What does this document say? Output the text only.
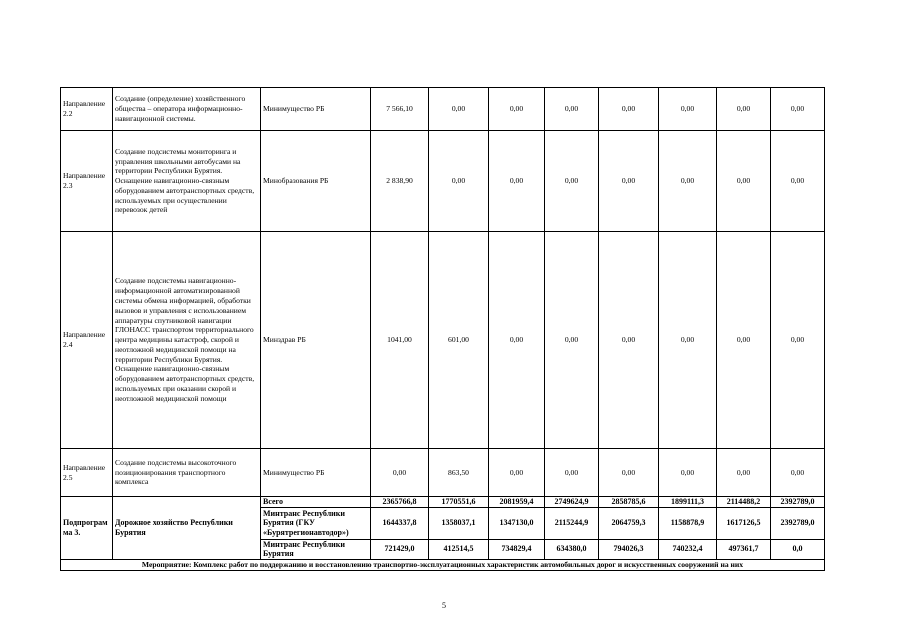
Направление 2.2	Создание (определение) хозяйственного общества – оператора информационно-навигационной системы.	Минимущество РБ	7 566,10	0,00	0,00	0,00	0,00	0,00	0,00	0,00
Направление 2.3	Создание подсистемы мониторинга и управления школьными автобусами на территории Республики Бурятия. Оснащение навигационно-связным оборудованием автотранспортных средств, используемых при осуществлении перевозок детей	Минобразования РБ	2 838,90	0,00	0,00	0,00	0,00	0,00	0,00	0,00
Направление 2.4	Создание подсистемы навигационно-информационной автоматизированной системы обмена информацией, обработки вызовов и управления с использованием аппаратуры спутниковой навигации ГЛОНАСС транспортом территориального центра медицины катастроф, скорой и неотложной медицинской помощи на территории Республики Бурятия. Оснащение навигационно-связным оборудованием автотранспортных средств, используемых при оказании скорой и неотложной медицинской помощи	Минздрав РБ	1041,00	601,00	0,00	0,00	0,00	0,00	0,00	0,00
Направление 2.5	Создание подсистемы высокоточного позиционирования транспортного комплекса	Минимущество РБ	0,00	863,50	0,00	0,00	0,00	0,00	0,00	0,00
Подпрограмма 3.	Дорожное хозяйство Республики Бурятия	Всего	2365766,8	1770551,6	2081959,4	2749624,9	2858785,6	1899111,3	2114488,2	2392789,0
		Минтранс Республики Бурятия (ГКУ «Бурятрегионавтодор»)	1644337,8	1358037,1	1347130,0	2115244,9	2064759,3	1158878,9	1617126,5	2392789,0
		Минтранс Республики Бурятия	721429,0	412514,5	734829,4	634380,0	794026,3	740232,4	497361,7	0,0
Мероприятие: Комплекс работ по поддержанию и восстановлению транспортно-эксплуатационных характеристик автомобильных дорог и искусственных сооружений на них										
5
